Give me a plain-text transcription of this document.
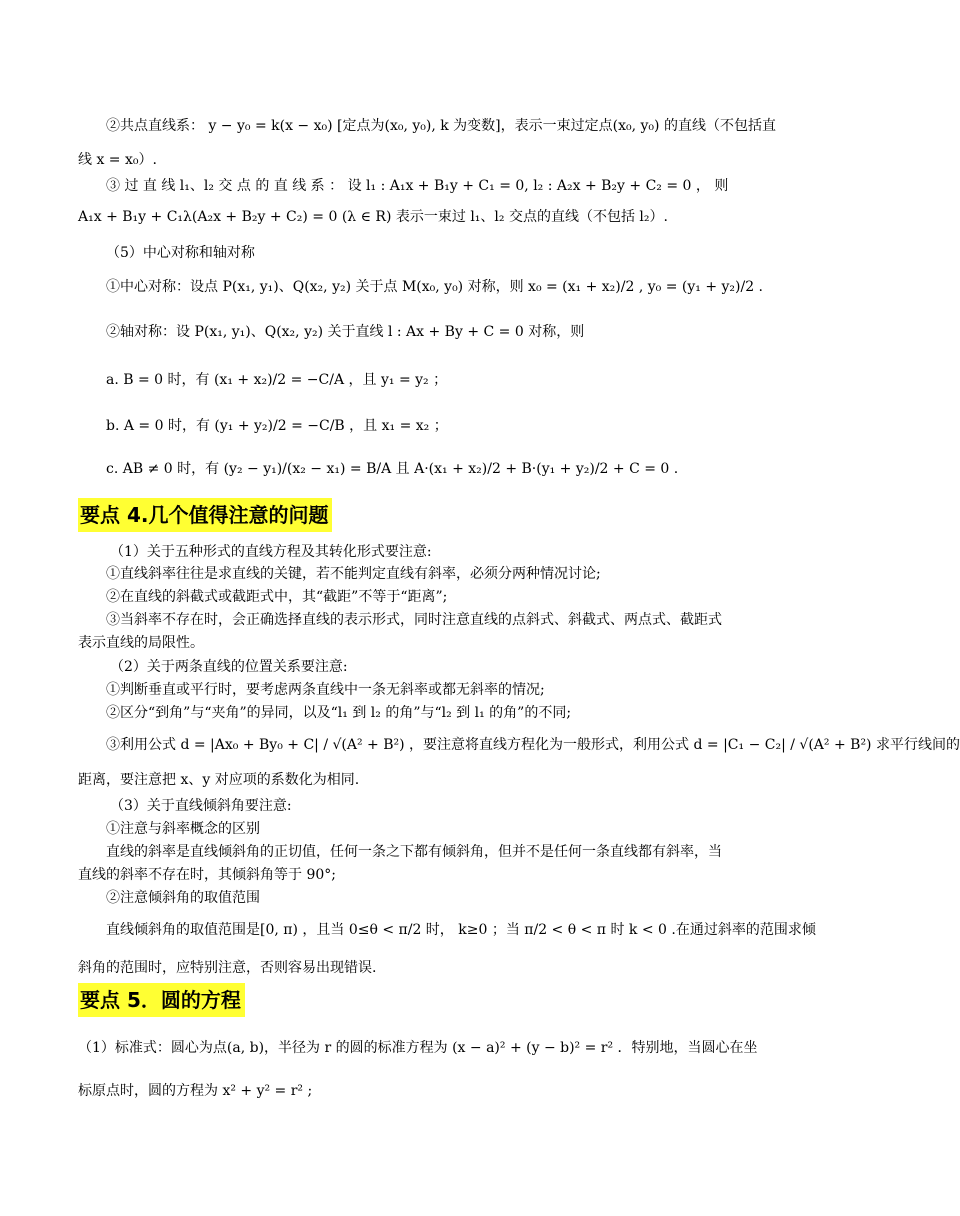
②共点直线系： y − y₀ = k(x − x₀) [定点为(x₀, y₀), k 为变数]，表示一束过定点(x₀, y₀) 的直线（不包括直
线 x = x₀）.
③ 过 直 线 l₁、l₂ 交 点 的 直 线 系 ： 设 l₁ : A₁x + B₁y + C₁ = 0, l₂ : A₂x + B₂y + C₂ = 0 ， 则
A₁x + B₁y + C₁λ(A₂x + B₂y + C₂) = 0 (λ ∈ R) 表示一束过 l₁、l₂ 交点的直线（不包括 l₂）.
（5）中心对称和轴对称
①中心对称：设点 P(x₁, y₁)、Q(x₂, y₂) 关于点 M(x₀, y₀) 对称，则 x₀ = (x₁ + x₂)/2 , y₀ = (y₁ + y₂)/2 .
②轴对称：设 P(x₁, y₁)、Q(x₂, y₂) 关于直线 l : Ax + By + C = 0 对称，则
a. B = 0 时，有 (x₁ + x₂)/2 = −C/A ，且 y₁ = y₂ ；
b. A = 0 时，有 (y₁ + y₂)/2 = −C/B ，且 x₁ = x₂ ；
c. AB ≠ 0 时，有 (y₂ − y₁)/(x₂ − x₁) = B/A 且 A·(x₁ + x₂)/2 + B·(y₁ + y₂)/2 + C = 0 .
要点 4.几个值得注意的问题
（1）关于五种形式的直线方程及其转化形式要注意:
①直线斜率往往是求直线的关键，若不能判定直线有斜率，必须分两种情况讨论;
②在直线的斜截式或截距式中，其“截距”不等于“距离”;
③当斜率不存在时，会正确选择直线的表示形式，同时注意直线的点斜式、斜截式、两点式、截距式
表示直线的局限性。
（2）关于两条直线的位置关系要注意:
①判断垂直或平行时，要考虑两条直线中一条无斜率或都无斜率的情况;
②区分“到角”与“夹角”的异同，以及“l₁ 到 l₂ 的角”与“l₂ 到 l₁ 的角”的不同;
③利用公式 d = |Ax₀ + By₀ + C| / √(A² + B²) ，要注意将直线方程化为一般形式，利用公式 d = |C₁ − C₂| / √(A² + B²) 求平行线间的
距离，要注意把 x、y 对应项的系数化为相同.
（3）关于直线倾斜角要注意:
①注意与斜率概念的区别
直线的斜率是直线倾斜角的正切值，任何一条之下都有倾斜角，但并不是任何一条直线都有斜率，当
直线的斜率不存在时，其倾斜角等于 90°;
②注意倾斜角的取值范围
直线倾斜角的取值范围是[0, π) ，且当 0≤θ < π/2 时， k≥0 ；当 π/2 < θ < π 时 k < 0 .在通过斜率的范围求倾
斜角的范围时，应特别注意，否则容易出现错误.
要点 5．圆的方程
（1）标准式：圆心为点(a, b)，半径为 r 的圆的标准方程为 (x − a)² + (y − b)² = r² ．特别地，当圆心在坐
标原点时，圆的方程为 x² + y² = r² ;
